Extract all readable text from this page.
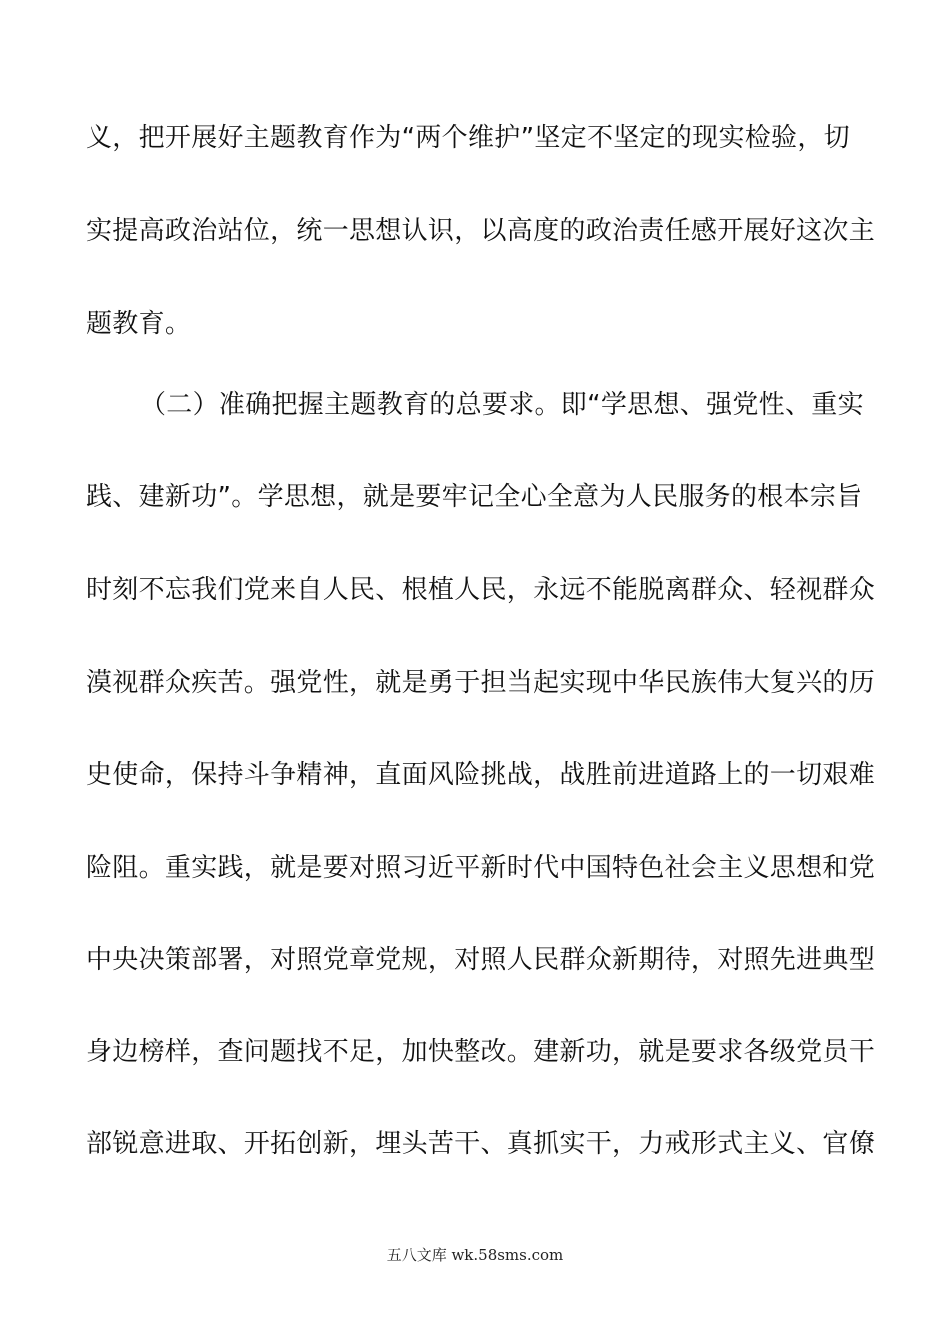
义，把开展好主题教育作为“两个维护”坚定不坚定的现实检验，切
实提高政治站位，统一思想认识，以高度的政治责任感开展好这次主
题教育。
（二）准确把握主题教育的总要求。即“学思想、强党性、重实
践、建新功”。学思想，就是要牢记全心全意为人民服务的根本宗旨
时刻不忘我们党来自人民、根植人民，永远不能脱离群众、轻视群众
漠视群众疾苦。强党性，就是勇于担当起实现中华民族伟大复兴的历
史使命，保持斗争精神，直面风险挑战，战胜前进道路上的一切艰难
险阻。重实践，就是要对照习近平新时代中国特色社会主义思想和党
中央决策部署，对照党章党规，对照人民群众新期待，对照先进典型
身边榜样，查问题找不足，加快整改。建新功，就是要求各级党员干
部锐意进取、开拓创新，埋头苦干、真抓实干，力戒形式主义、官僚
五八文库 wk.58sms.com
